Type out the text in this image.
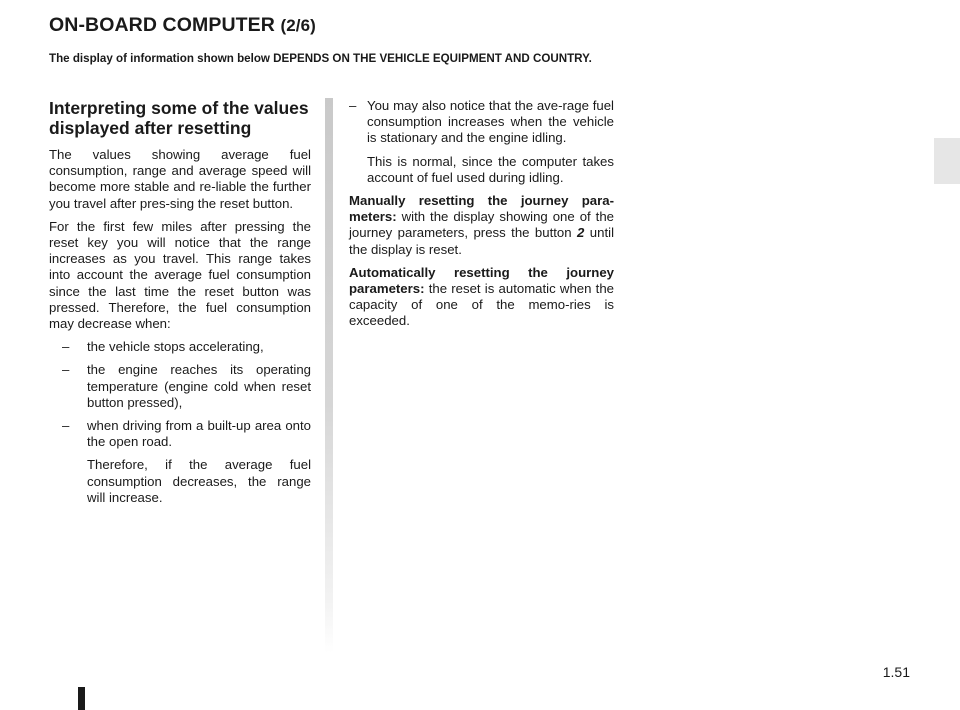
ON-BOARD COMPUTER (2/6)
The display of information shown below DEPENDS ON THE VEHICLE EQUIPMENT AND COUNTRY.
Interpreting some of the values displayed after resetting

The values showing average fuel consumption, range and average speed will become more stable and re-liable the further you travel after pres-sing the reset button.

For the first few miles after pressing the reset key you will notice that the range increases as you travel. This range takes into account the average fuel consumption since the last time the reset button was pressed. Therefore, the fuel consumption may decrease when:

– the vehicle stops accelerating,
– the engine reaches its operating temperature (engine cold when reset button pressed),
– when driving from a built-up area onto the open road.
Therefore, if the average fuel consumption decreases, the range will increase.
– You may also notice that the ave-rage fuel consumption increases when the vehicle is stationary and the engine idling.
This is normal, since the computer takes account of fuel used during idling.

Manually resetting the journey para-meters: with the display showing one of the journey parameters, press the button 2 until the display is reset.

Automatically resetting the journey parameters: the reset is automatic when the capacity of one of the memo-ries is exceeded.

1.51
